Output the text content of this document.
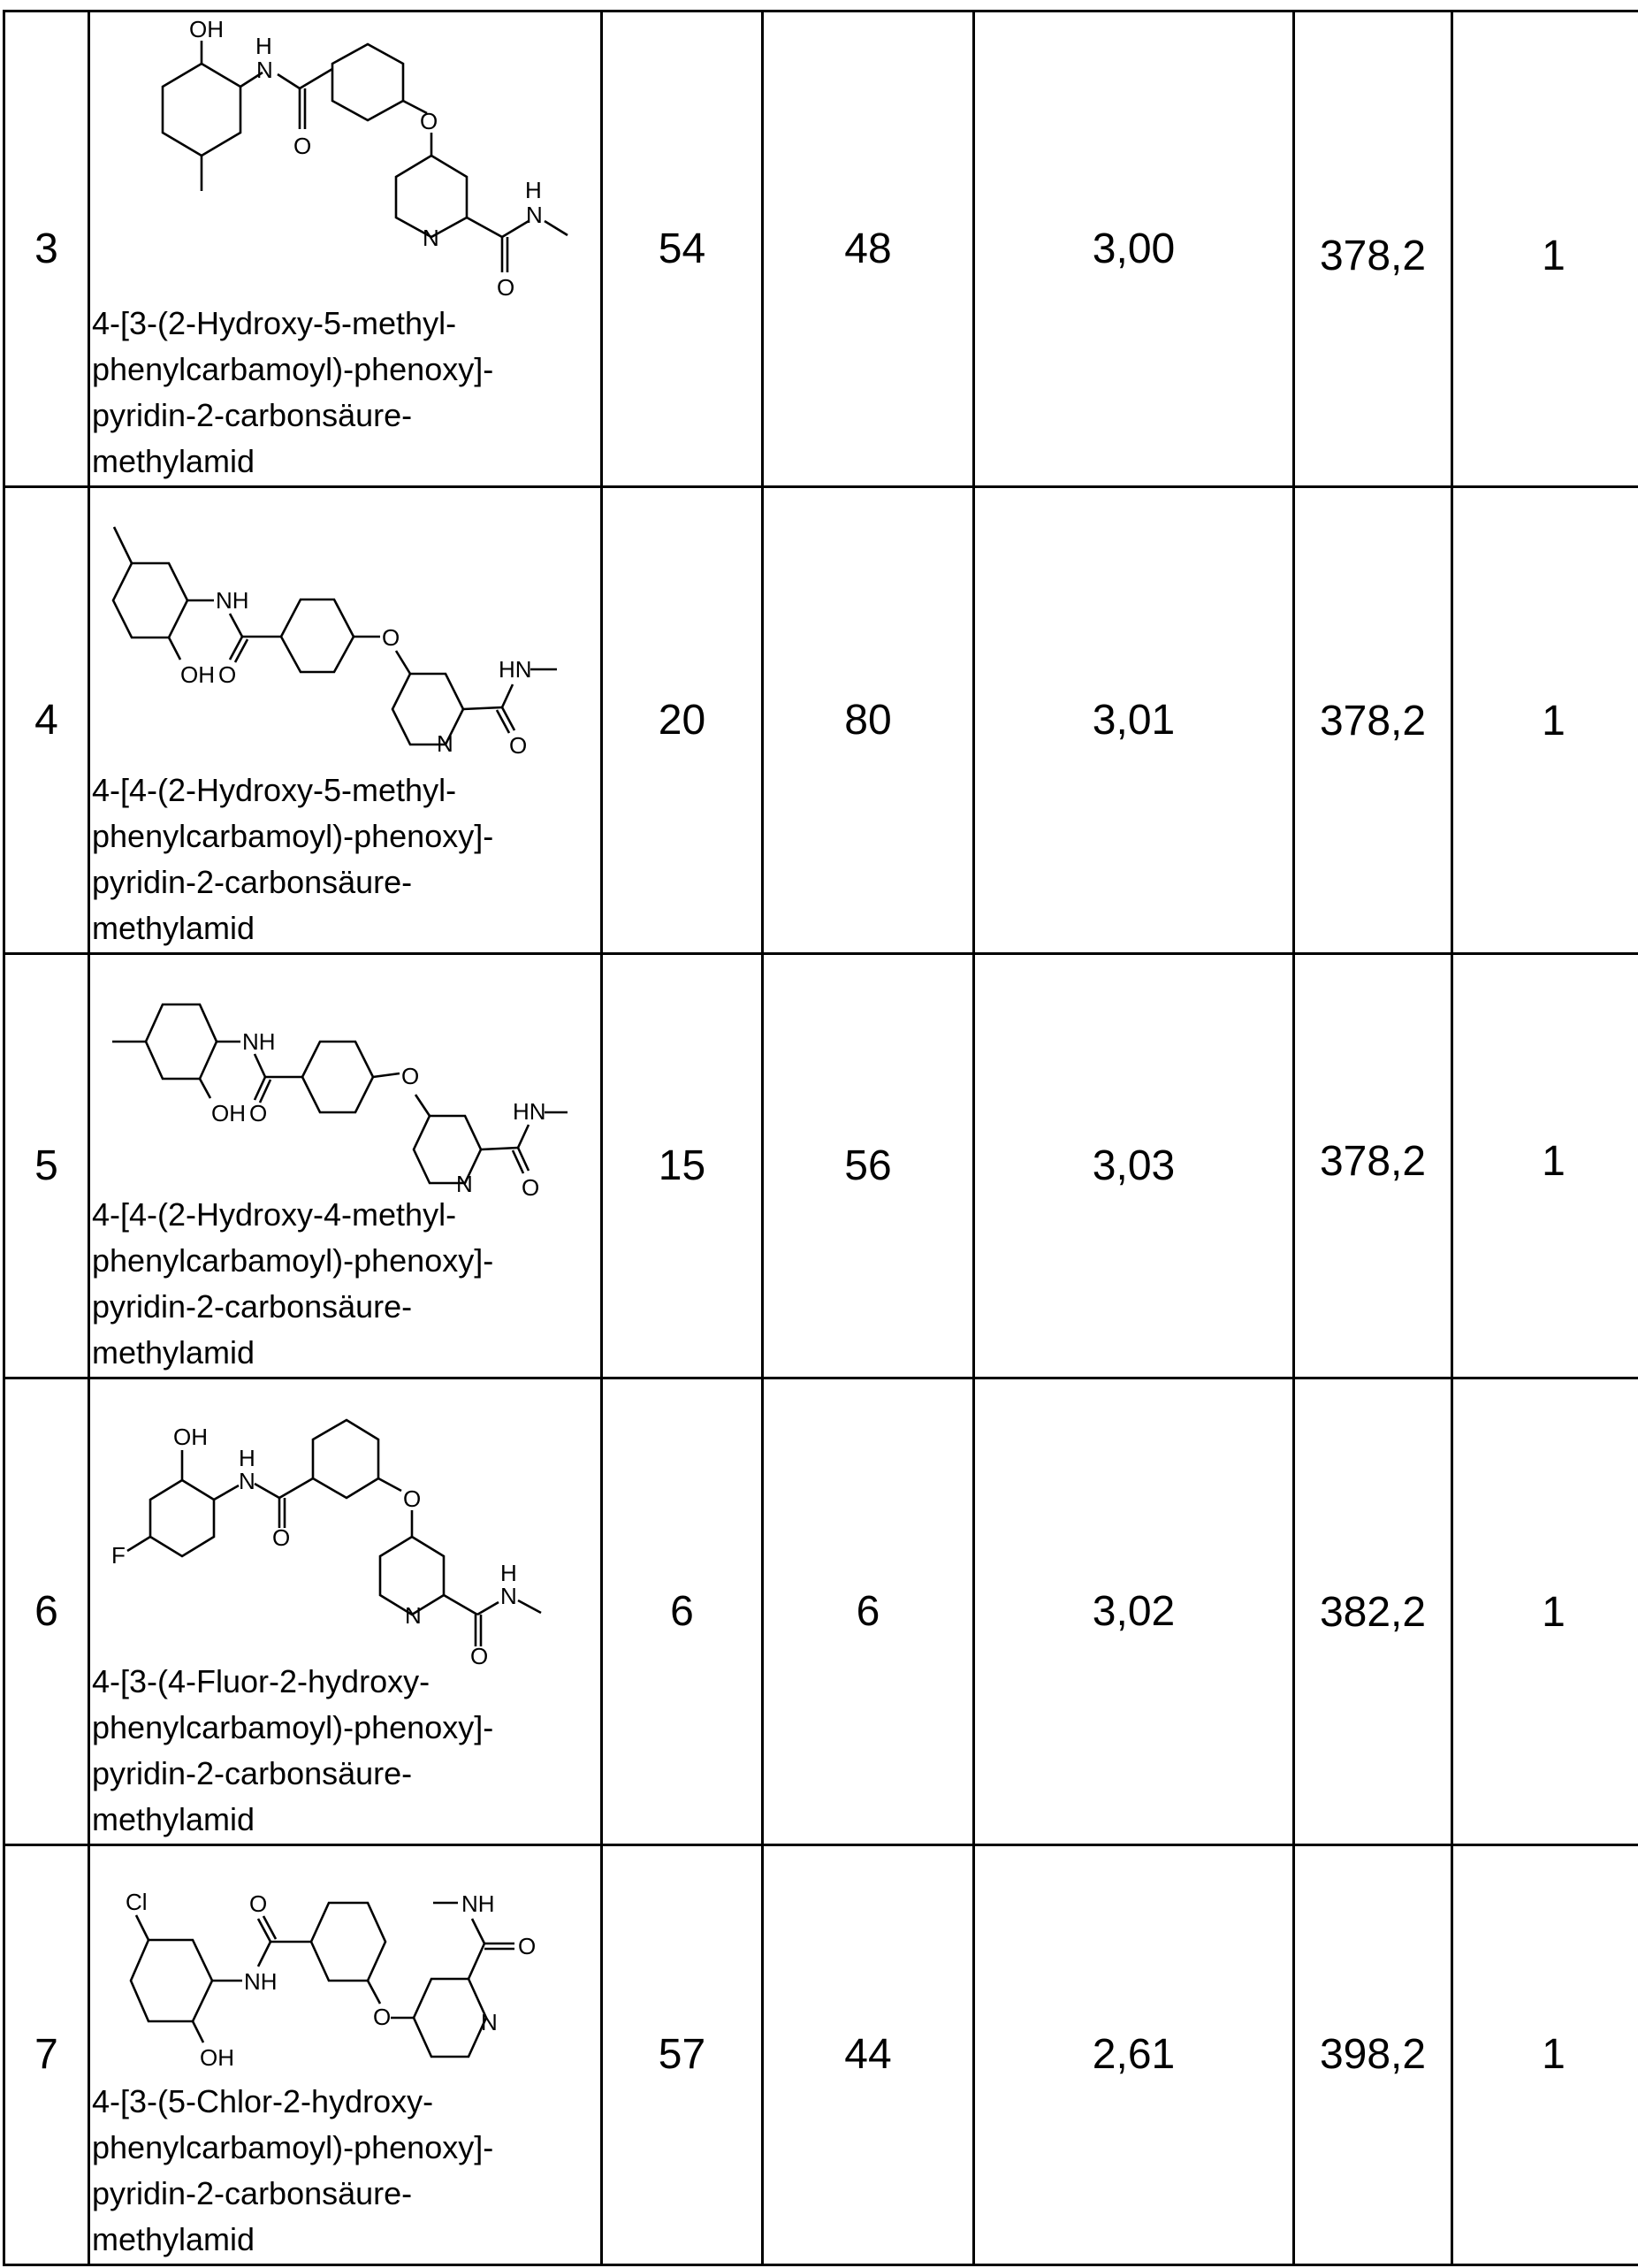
3	
OH
H
N
O
O
N
O
H
N
4-[3-(2-Hydroxy-5-methyl-
phenylcarbamoyl)-phenoxy]-
pyridin-2-carbonsäure-
methylamid
	54	48	3,00	378,2	1
4	
NH
OH O
O
N O
HN
4-[4-(2-Hydroxy-5-methyl-
phenylcarbamoyl)-phenoxy]-
pyridin-2-carbonsäure-
methylamid
	20	80	3,01	378,2	1
5	
NH
OH O
O
N O
HN
4-[4-(2-Hydroxy-4-methyl-
phenylcarbamoyl)-phenoxy]-
pyridin-2-carbonsäure-
methylamid
	15	56	3,03	378,2	1
6	
OH
F
H
N
O
O
N
O
H
N
4-[3-(4-Fluor-2-hydroxy-
phenylcarbamoyl)-phenoxy]-
pyridin-2-carbonsäure-
methylamid
	6	6	3,02	382,2	1
7	
Cl
NH
OH
O
O	N
O
NH
4-[3-(5-Chlor-2-hydroxy-
phenylcarbamoyl)-phenoxy]-
pyridin-2-carbonsäure-
methylamid
	57	44	2,61	398,2	1
